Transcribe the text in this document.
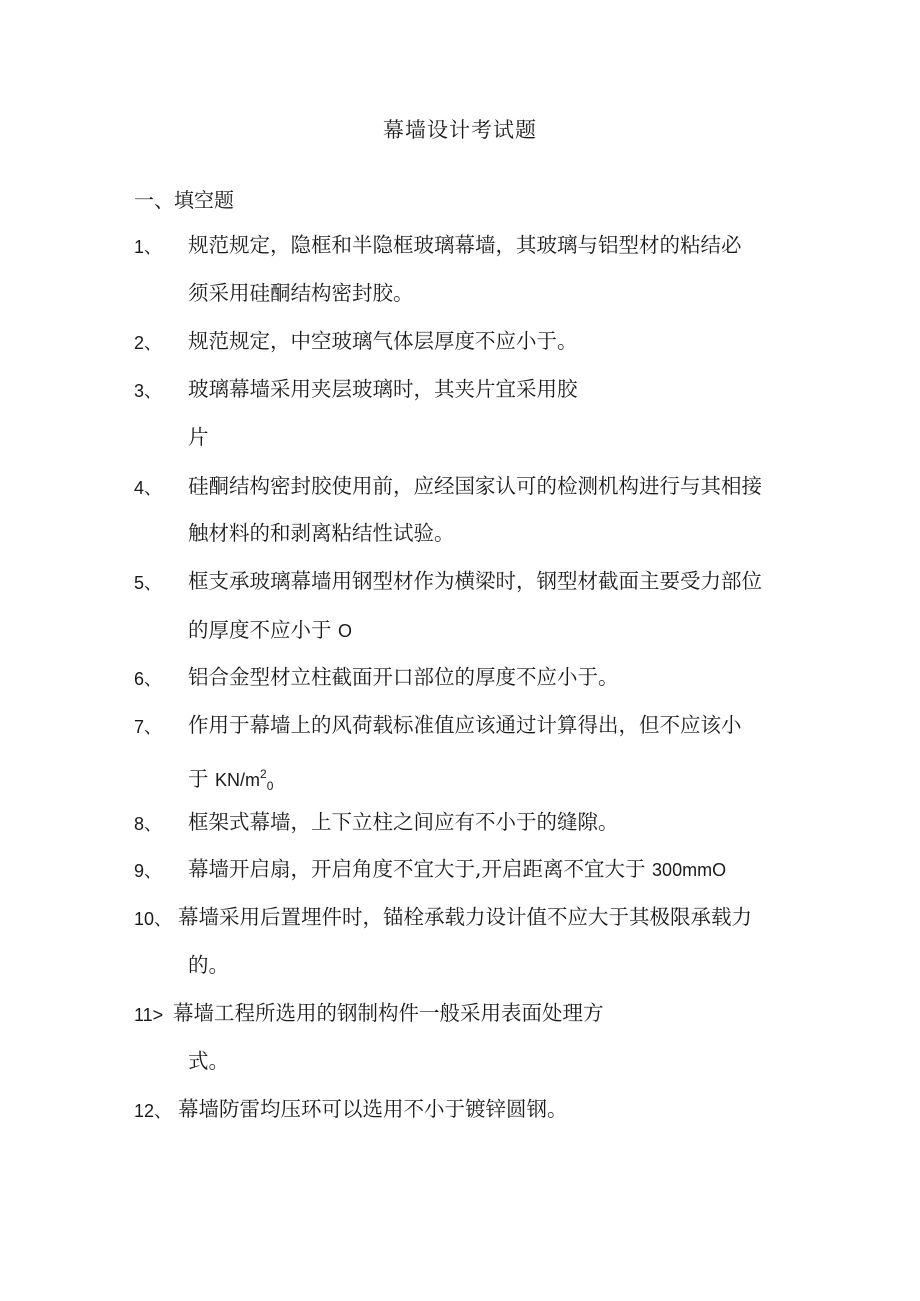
幕墙设计考试题
一、填空题
1、 规范规定，隐框和半隐框玻璃幕墙，其玻璃与铝型材的粘结必
须采用硅酮结构密封胶。
2、 规范规定，中空玻璃气体层厚度不应小于。
3、 玻璃幕墙采用夹层玻璃时，其夹片宜采用胶
片
4、 硅酮结构密封胶使用前，应经国家认可的检测机构进行与其相接
触材料的和剥离粘结性试验。
5、 框支承玻璃幕墙用钢型材作为横梁时，钢型材截面主要受力部位
的厚度不应小于 O
6、 铝合金型材立柱截面开口部位的厚度不应小于。
7、 作用于幕墙上的风荷载标准值应该通过计算得出，但不应该小
于 $KN/m^2_0$
8、 框架式幕墙，上下立柱之间应有不小于的缝隙。
9、 幕墙开启扇，开启角度不宜大于,开启距离不宜大于 300mmO
10、 幕墙采用后置埋件时，锚栓承载力设计值不应大于其极限承载力
的。
11> 幕墙工程所选用的钢制构件一般采用表面处理方
式。
12、 幕墙防雷均压环可以选用不小于镀锌圆钢。
